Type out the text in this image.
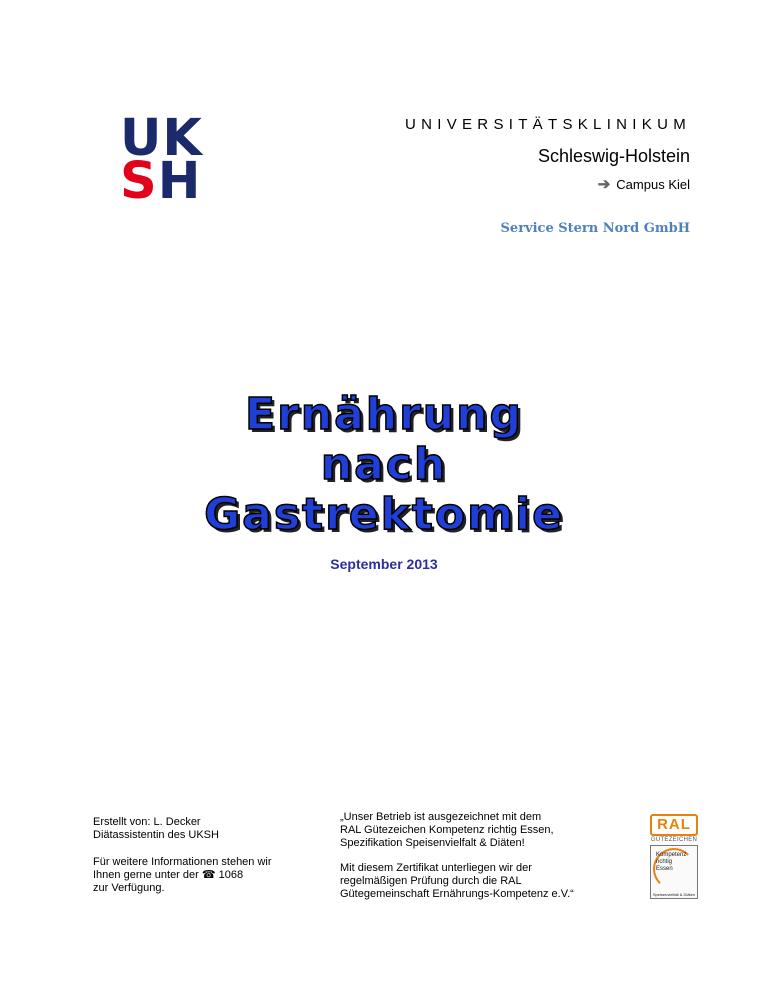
UK
SH
UNIVERSITÄTSKLINIKUM
Schleswig-Holstein
➔ Campus Kiel
Service Stern Nord GmbH
Ernährung
nach
Gastrektomie
September 2013

Erstellt von: L. Decker
Diätassistentin des UKSH

Für weitere Informationen stehen wir
Ihnen gerne unter der ☎ 1068
zur Verfügung.

„Unser Betrieb ist ausgezeichnet mit dem
RAL Gütezeichen Kompetenz richtig Essen,
Spezifikation Speisenvielfalt & Diäten!

Mit diesem Zertifikat unterliegen wir der
regelmäßigen Prüfung durch die RAL
Gütegemeinschaft Ernährungs-Kompetenz e.V.“

RAL
GÜTEZEICHEN
Kompetenz
richtig
Essen
Speisenvielfalt & Diäten
